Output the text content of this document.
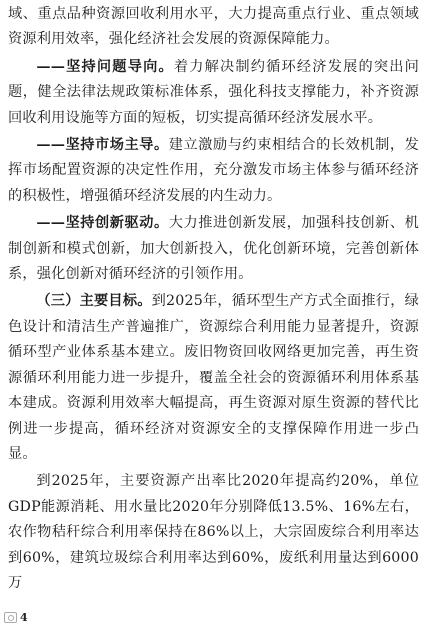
域、重点品种资源回收利用水平，大力提高重点行业、重点领域资源利用效率，强化经济社会发展的资源保障能力。

——坚持问题导向。着力解决制约循环经济发展的突出问题，健全法律法规政策标准体系，强化科技支撑能力，补齐资源回收利用设施等方面的短板，切实提高循环经济发展水平。

——坚持市场主导。建立激励与约束相结合的长效机制，发挥市场配置资源的决定性作用，充分激发市场主体参与循环经济的积极性，增强循环经济发展的内生动力。

——坚持创新驱动。大力推进创新发展，加强科技创新、机制创新和模式创新，加大创新投入，优化创新环境，完善创新体系，强化创新对循环经济的引领作用。

（三）主要目标。到2025年，循环型生产方式全面推行，绿色设计和清洁生产普遍推广，资源综合利用能力显著提升，资源循环型产业体系基本建立。废旧物资回收网络更加完善，再生资源循环利用能力进一步提升，覆盖全社会的资源循环利用体系基本建成。资源利用效率大幅提高，再生资源对原生资源的替代比例进一步提高，循环经济对资源安全的支撑保障作用进一步凸显。

到2025年，主要资源产出率比2020年提高约20%，单位GDP能源消耗、用水量比2020年分别降低13.5%、16%左右，农作物秸秆综合利用率保持在86%以上，大宗固废综合利用率达到60%，建筑垃圾综合利用率达到60%，废纸利用量达到6000万

4
